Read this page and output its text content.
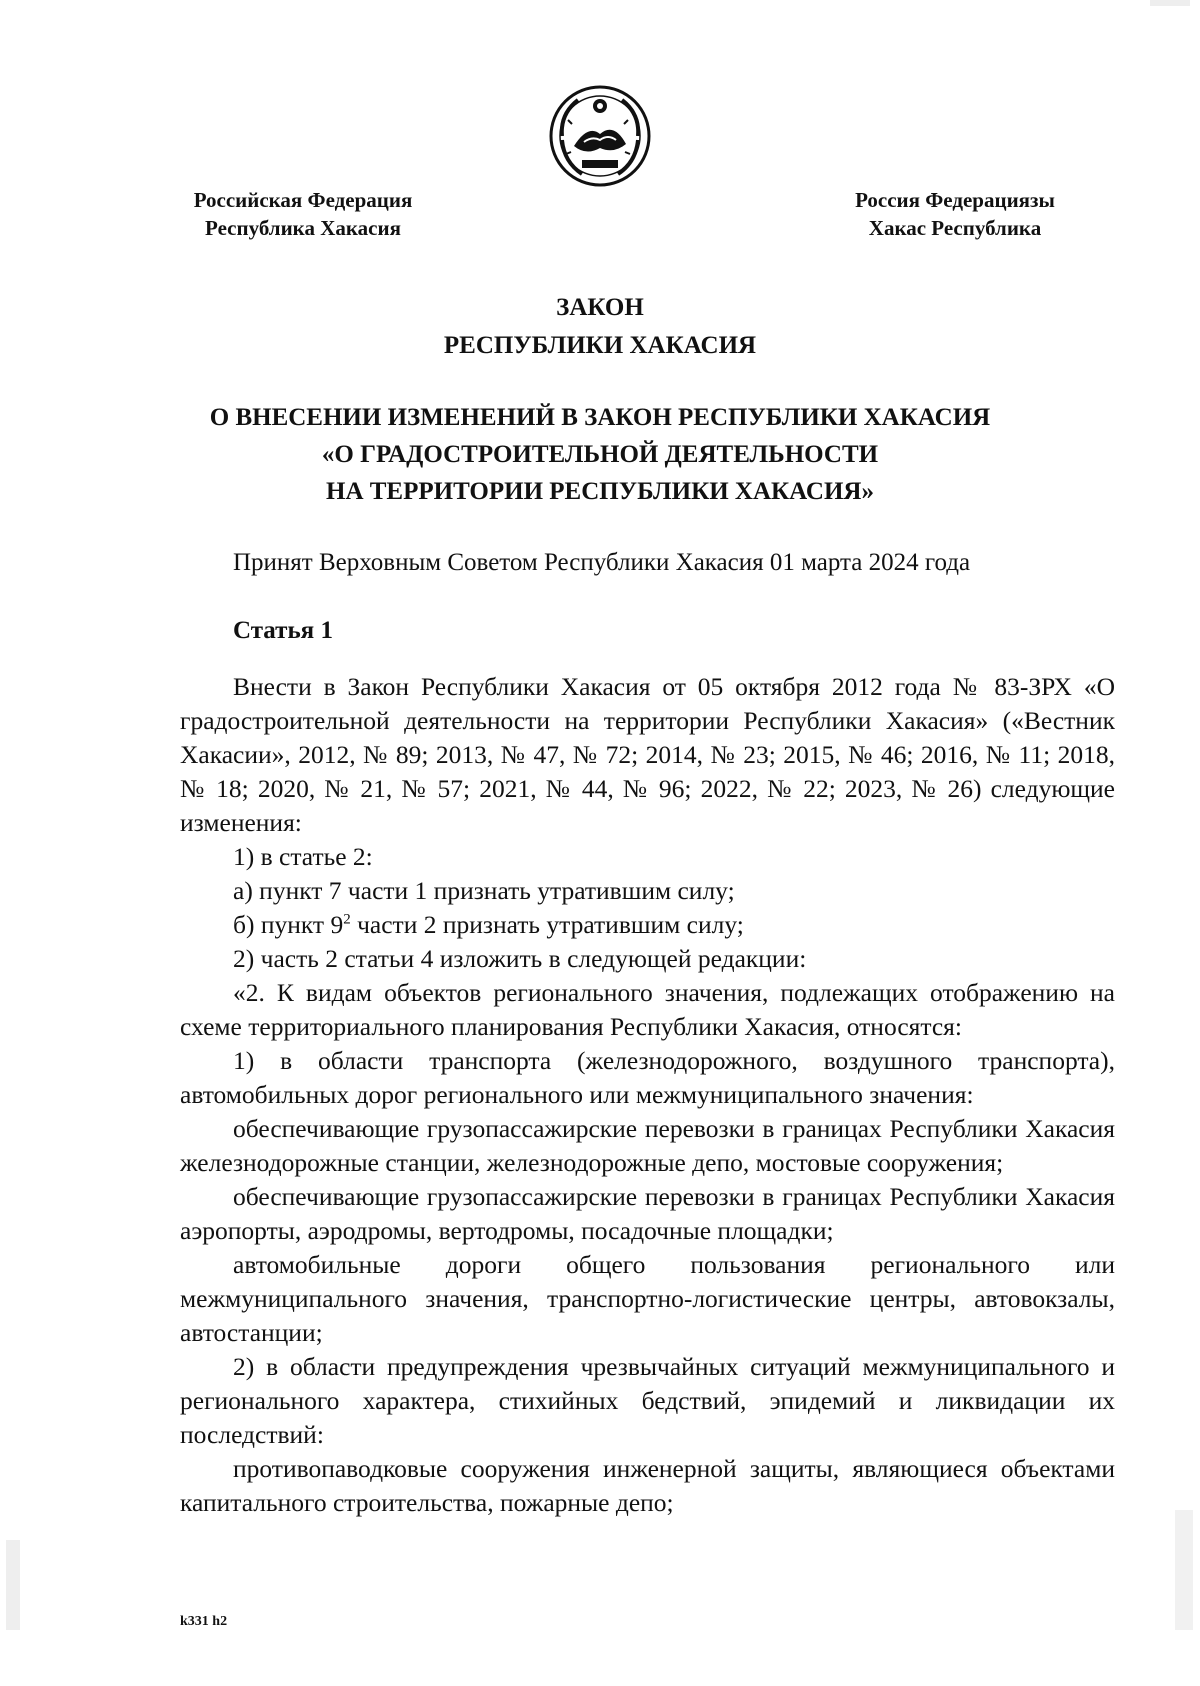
Российская Федерация
Республика Хакасия
Россия Федерациязы
Хакас Республика
ЗАКОН
РЕСПУБЛИКИ ХАКАСИЯ
О ВНЕСЕНИИ ИЗМЕНЕНИЙ В ЗАКОН РЕСПУБЛИКИ ХАКАСИЯ
«О ГРАДОСТРОИТЕЛЬНОЙ ДЕЯТЕЛЬНОСТИ
НА ТЕРРИТОРИИ РЕСПУБЛИКИ ХАКАСИЯ»
Принят Верховным Советом Республики Хакасия 01 марта 2024 года
Статья 1

Внести в Закон Республики Хакасия от 05 октября 2012 года № 83-ЗРХ «О градостроительной деятельности на территории Республики Хакасия» («Вестник Хакасии», 2012, № 89; 2013, № 47, № 72; 2014, № 23; 2015, № 46; 2016, № 11; 2018, № 18; 2020, № 21, № 57; 2021, № 44, № 96; 2022, № 22; 2023, № 26) следующие изменения:

1) в статье 2:

а) пункт 7 части 1 признать утратившим силу;

б) пункт $9^2$ части 2 признать утратившим силу;

2) часть 2 статьи 4 изложить в следующей редакции:

«2. К видам объектов регионального значения, подлежащих отображению на схеме территориального планирования Республики Хакасия, относятся:

1) в области транспорта (железнодорожного, воздушного транспорта), автомобильных дорог регионального или межмуниципального значения:

обеспечивающие грузопассажирские перевозки в границах Республики Хакасия железнодорожные станции, железнодорожные депо, мостовые сооружения;

обеспечивающие грузопассажирские перевозки в границах Республики Хакасия аэропорты, аэродромы, вертодромы, посадочные площадки;

автомобильные дороги общего пользования регионального или межмуниципального значения, транспортно-логистические центры, автовокзалы, автостанции;

2) в области предупреждения чрезвычайных ситуаций межмуниципального и регионального характера, стихийных бедствий, эпидемий и ликвидации их последствий:

противопаводковые сооружения инженерной защиты, являющиеся объектами капитального строительства, пожарные депо;

k331 h2
